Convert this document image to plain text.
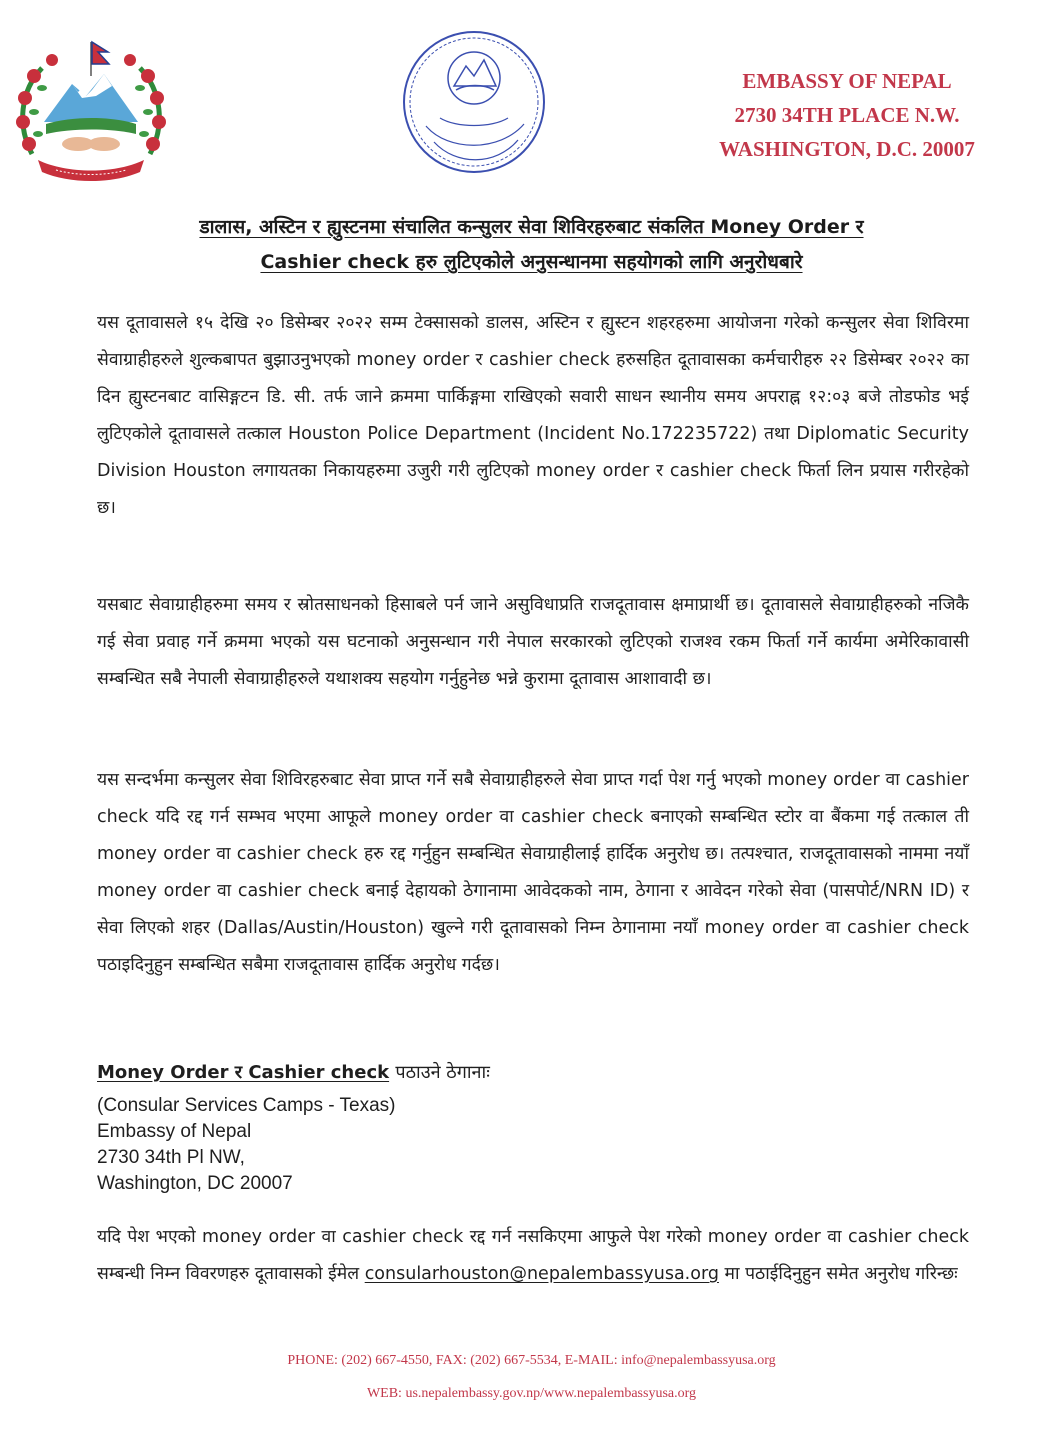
EMBASSY OF NEPAL
2730 34TH PLACE N.W.
WASHINGTON, D.C. 20007
डालास, अस्टिन र ह्युस्टनमा संचालित कन्सुलर सेवा शिविरहरुबाट संकलित Money Order र
Cashier check हरु लुटिएकोले अनुसन्धानमा सहयोगको लागि अनुरोधबारे
यस दूतावासले १५ देखि २० डिसेम्बर २०२२ सम्म टेक्सासको डालस, अस्टिन र ह्युस्टन शहरहरुमा आयोजना गरेको कन्सुलर सेवा शिविरमा सेवाग्राहीहरुले शुल्कबापत बुझाउनुभएको money order र cashier check हरुसहित दूतावासका कर्मचारीहरु २२ डिसेम्बर २०२२ का दिन ह्युस्टनबाट वासिङ्गटन डि. सी. तर्फ जाने क्रममा पार्किङ्गमा राखिएको सवारी साधन स्थानीय समय अपराह्न १२:०३ बजे तोडफोड भई लुटिएकोले दूतावासले तत्काल Houston Police Department (Incident No.172235722) तथा Diplomatic Security Division Houston लगायतका निकायहरुमा उजुरी गरी लुटिएको money order र cashier check फिर्ता लिन प्रयास गरीरहेको छ।
यसबाट सेवाग्राहीहरुमा समय र स्रोतसाधनको हिसाबले पर्न जाने असुविधाप्रति राजदूतावास क्षमाप्रार्थी छ। दूतावासले सेवाग्राहीहरुको नजिकै गई सेवा प्रवाह गर्ने क्रममा भएको यस घटनाको अनुसन्धान गरी नेपाल सरकारको लुटिएको राजश्व रकम फिर्ता गर्ने कार्यमा अमेरिकावासी सम्बन्धित सबै नेपाली सेवाग्राहीहरुले यथाशक्य सहयोग गर्नुहुनेछ भन्ने कुरामा दूतावास आशावादी छ।
यस सन्दर्भमा कन्सुलर सेवा शिविरहरुबाट सेवा प्राप्त गर्ने सबै सेवाग्राहीहरुले सेवा प्राप्त गर्दा पेश गर्नु भएको money order वा cashier check यदि रद्द गर्न सम्भव भएमा आफूले money order वा cashier check बनाएको सम्बन्धित स्टोर वा बैंकमा गई तत्काल ती money order वा cashier check हरु रद्द गर्नुहुन सम्बन्धित सेवाग्राहीलाई हार्दिक अनुरोध छ। तत्पश्चात, राजदूतावासको नाममा नयाँ money order वा cashier check बनाई देहायको ठेगानामा आवेदकको नाम, ठेगाना र आवेदन गरेको सेवा (पासपोर्ट/NRN ID) र सेवा लिएको शहर (Dallas/Austin/Houston) खुल्ने गरी दूतावासको निम्न ठेगानामा नयाँ money order वा cashier check पठाइदिनुहुन सम्बन्धित सबैमा राजदूतावास हार्दिक अनुरोध गर्दछ।
Money Order र Cashier check पठाउने ठेगानाः
(Consular Services Camps - Texas)
Embassy of Nepal
2730 34th Pl NW,
Washington, DC 20007
यदि पेश भएको money order वा cashier check रद्द गर्न नसकिएमा आफुले पेश गरेको money order वा cashier check सम्बन्धी निम्न विवरणहरु दूतावासको ईमेल consularhouston@nepalembassyusa.org मा पठाईदिनुहुन समेत अनुरोध गरिन्छः
PHONE: (202) 667-4550, FAX: (202) 667-5534, E-MAIL: info@nepalembassyusa.org
WEB: us.nepalembassy.gov.np/www.nepalembassyusa.org
